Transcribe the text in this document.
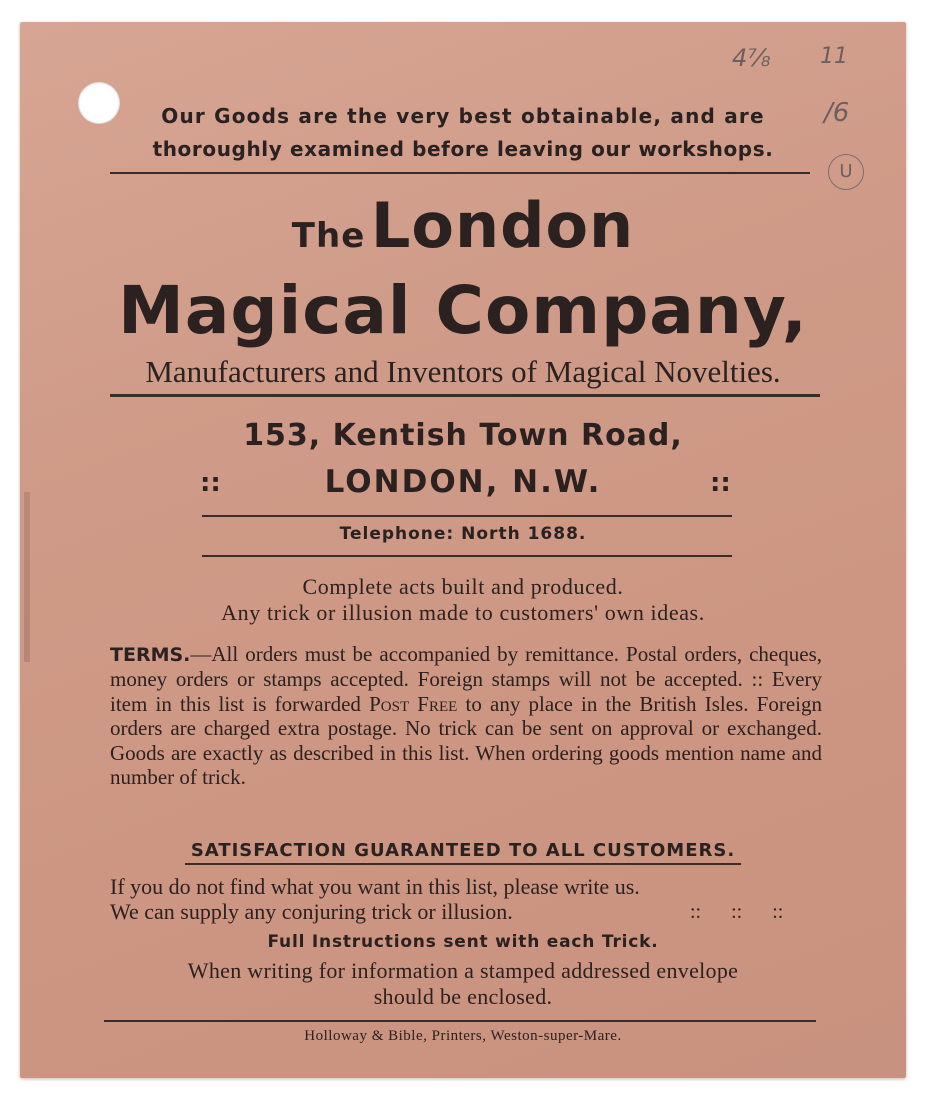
4⅞ 11
/6
U
Our Goods are the very best obtainable, and are
thoroughly examined before leaving our workshops.
The London
Magical Company,
Manufacturers and Inventors of Magical Novelties.
153, Kentish Town Road,
::	LONDON, N.W.	::
Telephone: North 1688.
Complete acts built and produced.
Any trick or illusion made to customers' own ideas.
TERMS.—All orders must be accompanied by remittance. Postal orders, cheques, money orders or stamps accepted. Foreign stamps will not be accepted. :: Every item in this list is forwarded Post Free to any place in the British Isles. Foreign orders are charged extra postage. No trick can be sent on approval or exchanged. Goods are exactly as described in this list. When ordering goods mention name and number of trick.
SATISFACTION GUARANTEED TO ALL CUSTOMERS.
If you do not find what you want in this list, please write us.
We can supply any conjuring trick or illusion.	::      ::      ::
Full Instructions sent with each Trick.
When writing for information a stamped addressed envelope
should be enclosed.
Holloway & Bible, Printers, Weston-super-Mare.
